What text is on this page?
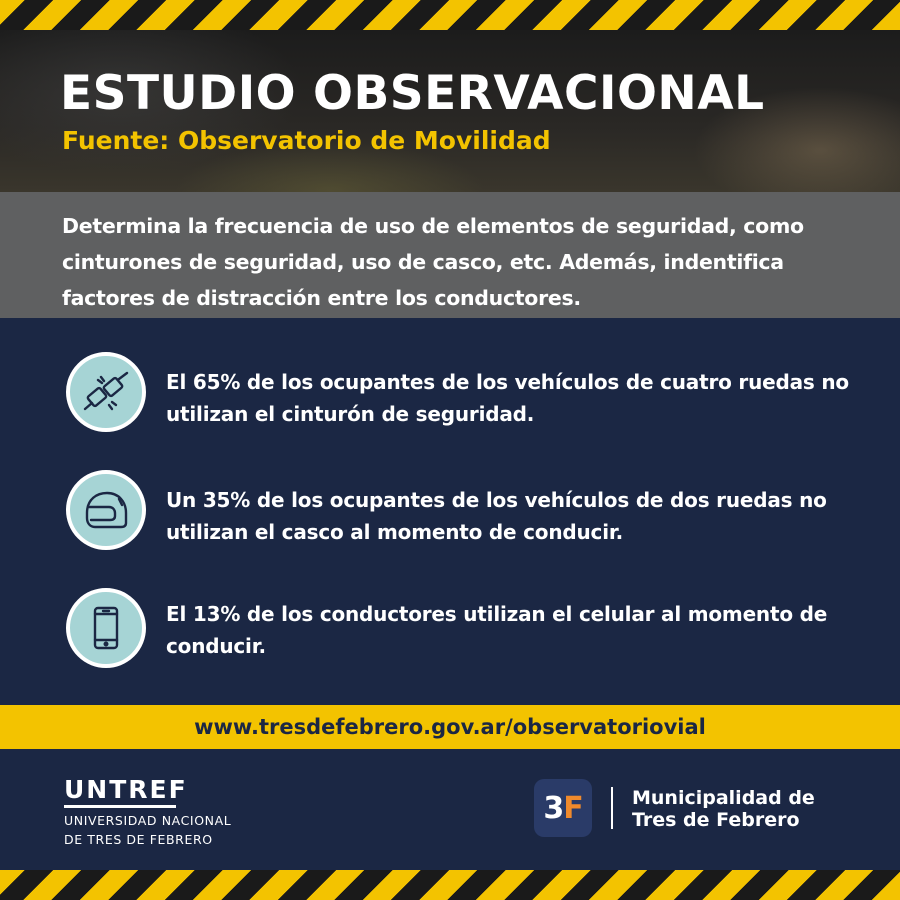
ESTUDIO OBSERVACIONAL
Fuente: Observatorio de Movilidad

Determina la frecuencia de uso de elementos de seguridad, como cinturones de seguridad, uso de casco, etc. Además, indentifica factores de distracción entre los conductores.

El 65% de los ocupantes de los vehículos de cuatro ruedas no utilizan el cinturón de seguridad.
Un 35% de los ocupantes de los vehículos de dos ruedas no utilizan el casco al momento de conducir.
El 13% de los conductores utilizan el celular al momento de conducir.
www.tresdefebrero.gov.ar/observatoriovial
UNTREF
UNIVERSIDAD NACIONAL
DE TRES DE FEBRERO
3F	Municipalidad de
Tres de Febrero
